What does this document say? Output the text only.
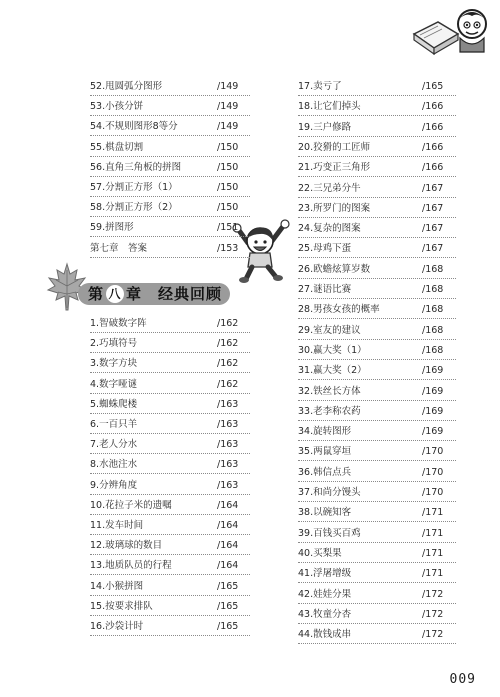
52.甩圆弧分图形	/149
53.小孩分饼	/149
54.不规则图形8等分	/149
55.棋盘切割	/150
56.直角三角板的拼图	/150
57.分割正方形（1）	/150
58.分割正方形（2）	/150
59.拼图形	/151
第七章　答案	/153
第 八 章　经典回顾
1.智破数字阵	/162
2.巧填符号	/162
3.数字方块	/162
4.数字哑谜	/162
5.蜘蛛爬楼	/163
6.一百只羊	/163
7.老人分水	/163
8.水池注水	/163
9.分辨角度	/163
10.花拉子米的遗嘱	/164
11.发车时间	/164
12.玻璃球的数目	/164
13.地质队员的行程	/164
14.小猴拼图	/165
15.按要求排队	/165
16.沙袋计时	/165
17.卖亏了	/165
18.让它们掉头	/166
19.三户修路	/166
20.狡猾的工匠师	/166
21.巧变正三角形	/166
22.三兄弟分牛	/167
23.所罗门的图案	/167
24.复杂的图案	/167
25.母鸡下蛋	/167
26.欧蟾炫算岁数	/168
27.谜语比赛	/168
28.男孩女孩的概率	/168
29.室友的建议	/168
30.赢大奖（1）	/168
31.赢大奖（2）	/169
32.铁丝长方体	/169
33.老李称农药	/169
34.旋转图形	/169
35.两鼠穿垣	/170
36.韩信点兵	/170
37.和尚分馒头	/170
38.以碗知客	/171
39.百钱买百鸡	/171
40.买梨果	/171
41.浮屠增级	/171
42.娃娃分果	/172
43.牧童分杏	/172
44.散钱成串	/172
009
